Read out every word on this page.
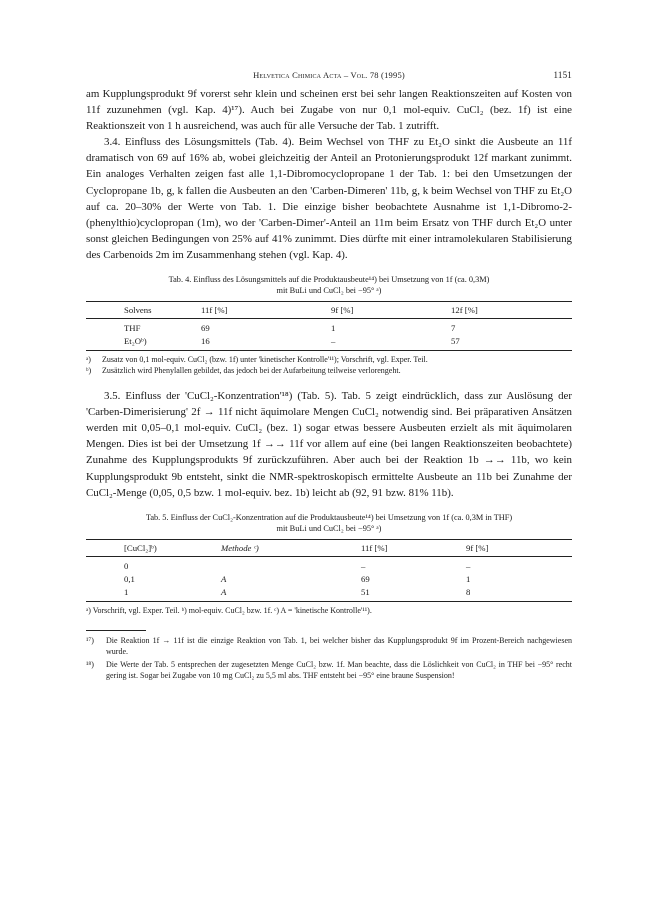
Helvetica Chimica Acta – Vol. 78 (1995)	1151

am Kupplungsprodukt 9f vorerst sehr klein und scheinen erst bei sehr langen Reaktionszeiten auf Kosten von 11f zuzunehmen (vgl. Kap. 4)¹⁷). Auch bei Zugabe von nur 0,1 mol-equiv. CuCl₂ (bez. 1f) ist eine Reaktionszeit von 1 h ausreichend, was auch für alle Versuche der Tab. 1 zutrifft.

3.4. Einfluss des Lösungsmittels (Tab. 4). Beim Wechsel von THF zu Et₂O sinkt die Ausbeute an 11f dramatisch von 69 auf 16% ab, wobei gleichzeitig der Anteil an Protonierungsprodukt 12f markant zunimmt. Ein analoges Verhalten zeigen fast alle 1,1-Dibromocyclopropane 1 der Tab. 1: bei den Umsetzungen der Cyclopropane 1b, g, k fallen die Ausbeuten an den 'Carben-Dimeren' 11b, g, k beim Wechsel von THF zu Et₂O auf ca. 20–30% der Werte von Tab. 1. Die einzige bisher beobachtete Ausnahme ist 1,1-Dibromo-2-(phenylthio)cyclopropan (1m), wo der 'Carben-Dimer'-Anteil an 11m beim Ersatz von THF durch Et₂O unter sonst gleichen Bedingungen von 25% auf 41% zunimmt. Dies dürfte mit einer intramolekularen Stabilisierung des Carbenoids 2m im Zusammenhang stehen (vgl. Kap. 4).

Tab. 4. Einfluss des Lösungsmittels auf die Produktausbeute¹⁴) bei Umsetzung von 1f (ca. 0,3M)
mit BuLi und CuCl₂ bei −95° ᵃ)
Solvens	11f [%]	9f [%]	12f [%]
THF	69	1	7
Et₂Oᵇ)	16	–	57
ᵃ)	Zusatz von 0,1 mol-equiv. CuCl₂ (bzw. 1f) unter 'kinetischer Kontrolle'¹¹); Vorschrift, vgl. Exper. Teil.
ᵇ)	Zusätzlich wird Phenylallen gebildet, das jedoch bei der Aufarbeitung teilweise verlorengeht.

3.5. Einfluss der 'CuCl₂-Konzentration'¹⁸) (Tab. 5). Tab. 5 zeigt eindrücklich, dass zur Auslösung der 'Carben-Dimerisierung' 2f → 11f nicht äquimolare Mengen CuCl₂ notwendig sind. Bei präparativen Ansätzen werden mit 0,05–0,1 mol-equiv. CuCl₂ (bez. 1) sogar etwas bessere Ausbeuten erzielt als mit äquimolaren Mengen. Dies ist bei der Umsetzung 1f →→ 11f vor allem auf eine (bei langen Reaktionszeiten beobachtete) Zunahme des Kupplungsprodukts 9f zurückzuführen. Aber auch bei der Reaktion 1b →→ 11b, wo kein Kupplungsprodukt 9b entsteht, sinkt die NMR-spektroskopisch ermittelte Ausbeute an 11b bei Zunahme der CuCl₂-Menge (0,05, 0,5 bzw. 1 mol-equiv. bez. 1b) leicht ab (92, 91 bzw. 81% 11b).

Tab. 5. Einfluss der CuCl₂-Konzentration auf die Produktausbeute¹⁴) bei Umsetzung von 1f (ca. 0,3M in THF)
mit BuLi und CuCl₂ bei −95° ᵃ)
[CuCl₂]ᵇ)	Methode ᶜ)	11f [%]	9f [%]
0		–	–
0,1	A	69	1
1	A	51	8
ᵃ) Vorschrift, vgl. Exper. Teil. ᵇ) mol-equiv. CuCl₂ bzw. 1f. ᶜ) A = 'kinetische Kontrolle'¹¹).
¹⁷)	Die Reaktion 1f → 11f ist die einzige Reaktion von Tab. 1, bei welcher bisher das Kupplungsprodukt 9f im Prozent-Bereich nachgewiesen wurde.
¹⁸)	Die Werte der Tab. 5 entsprechen der zugesetzten Menge CuCl₂ bzw. 1f. Man beachte, dass die Löslichkeit von CuCl₂ in THF bei −95° recht gering ist. Sogar bei Zugabe von 10 mg CuCl₂ zu 5,5 ml abs. THF entsteht bei −95° eine braune Suspension!
